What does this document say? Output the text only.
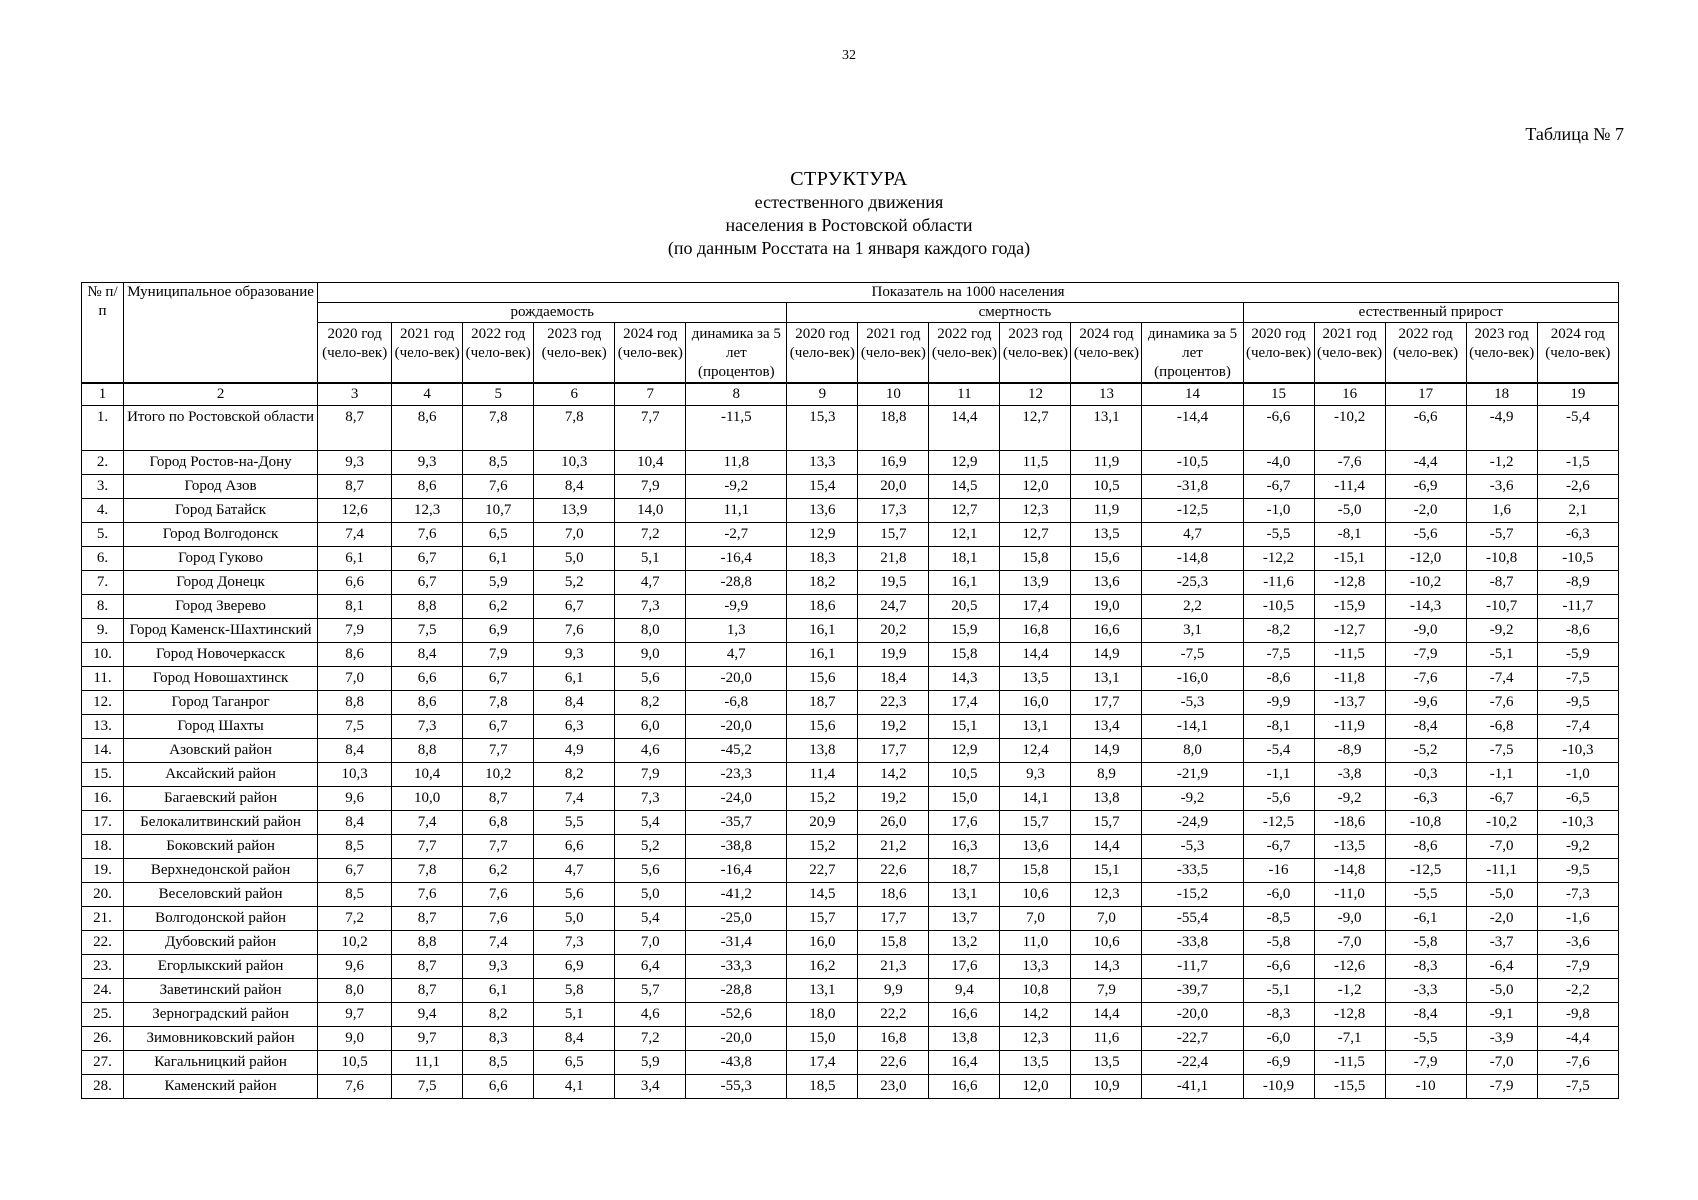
32
Таблица № 7
СТРУКТУРА
естественного движения
населения в Ростовской области
(по данным Росстата на 1 января каждого года)
№ п/п	Муниципальное образование	Показатель на 1000 населения																
		рождаемость						смертность						естественный прирост				
		2020 год (чело-век)	2021 год (чело-век)	2022 год (чело-век)	2023 год (чело-век)	2024 год (чело-век)	динамика за 5 лет (процентов)	2020 год (чело-век)	2021 год (чело-век)	2022 год (чело-век)	2023 год (чело-век)	2024 год (чело-век)	динамика за 5 лет (процентов)	2020 год (чело-век)	2021 год (чело-век)	2022 год (чело-век)	2023 год (чело-век)	2024 год (чело-век)
1	2	3	4	5	6	7	8	9	10	11	12	13	14	15	16	17	18	19
1.	Итого по Ростовской области	8,7	8,6	7,8	7,8	7,7	-11,5	15,3	18,8	14,4	12,7	13,1	-14,4	-6,6	-10,2	-6,6	-4,9	-5,4
2.	Город Ростов-на-Дону	9,3	9,3	8,5	10,3	10,4	11,8	13,3	16,9	12,9	11,5	11,9	-10,5	-4,0	-7,6	-4,4	-1,2	-1,5
3.	Город Азов	8,7	8,6	7,6	8,4	7,9	-9,2	15,4	20,0	14,5	12,0	10,5	-31,8	-6,7	-11,4	-6,9	-3,6	-2,6
4.	Город Батайск	12,6	12,3	10,7	13,9	14,0	11,1	13,6	17,3	12,7	12,3	11,9	-12,5	-1,0	-5,0	-2,0	1,6	2,1
5.	Город Волгодонск	7,4	7,6	6,5	7,0	7,2	-2,7	12,9	15,7	12,1	12,7	13,5	4,7	-5,5	-8,1	-5,6	-5,7	-6,3
6.	Город Гуково	6,1	6,7	6,1	5,0	5,1	-16,4	18,3	21,8	18,1	15,8	15,6	-14,8	-12,2	-15,1	-12,0	-10,8	-10,5
7.	Город Донецк	6,6	6,7	5,9	5,2	4,7	-28,8	18,2	19,5	16,1	13,9	13,6	-25,3	-11,6	-12,8	-10,2	-8,7	-8,9
8.	Город Зверево	8,1	8,8	6,2	6,7	7,3	-9,9	18,6	24,7	20,5	17,4	19,0	2,2	-10,5	-15,9	-14,3	-10,7	-11,7
9.	Город Каменск-Шахтинский	7,9	7,5	6,9	7,6	8,0	1,3	16,1	20,2	15,9	16,8	16,6	3,1	-8,2	-12,7	-9,0	-9,2	-8,6
10.	Город Новочеркасск	8,6	8,4	7,9	9,3	9,0	4,7	16,1	19,9	15,8	14,4	14,9	-7,5	-7,5	-11,5	-7,9	-5,1	-5,9
11.	Город Новошахтинск	7,0	6,6	6,7	6,1	5,6	-20,0	15,6	18,4	14,3	13,5	13,1	-16,0	-8,6	-11,8	-7,6	-7,4	-7,5
12.	Город Таганрог	8,8	8,6	7,8	8,4	8,2	-6,8	18,7	22,3	17,4	16,0	17,7	-5,3	-9,9	-13,7	-9,6	-7,6	-9,5
13.	Город Шахты	7,5	7,3	6,7	6,3	6,0	-20,0	15,6	19,2	15,1	13,1	13,4	-14,1	-8,1	-11,9	-8,4	-6,8	-7,4
14.	Азовский район	8,4	8,8	7,7	4,9	4,6	-45,2	13,8	17,7	12,9	12,4	14,9	8,0	-5,4	-8,9	-5,2	-7,5	-10,3
15.	Аксайский район	10,3	10,4	10,2	8,2	7,9	-23,3	11,4	14,2	10,5	9,3	8,9	-21,9	-1,1	-3,8	-0,3	-1,1	-1,0
16.	Багаевский район	9,6	10,0	8,7	7,4	7,3	-24,0	15,2	19,2	15,0	14,1	13,8	-9,2	-5,6	-9,2	-6,3	-6,7	-6,5
17.	Белокалитвинский район	8,4	7,4	6,8	5,5	5,4	-35,7	20,9	26,0	17,6	15,7	15,7	-24,9	-12,5	-18,6	-10,8	-10,2	-10,3
18.	Боковский район	8,5	7,7	7,7	6,6	5,2	-38,8	15,2	21,2	16,3	13,6	14,4	-5,3	-6,7	-13,5	-8,6	-7,0	-9,2
19.	Верхнедонской район	6,7	7,8	6,2	4,7	5,6	-16,4	22,7	22,6	18,7	15,8	15,1	-33,5	-16	-14,8	-12,5	-11,1	-9,5
20.	Веселовский район	8,5	7,6	7,6	5,6	5,0	-41,2	14,5	18,6	13,1	10,6	12,3	-15,2	-6,0	-11,0	-5,5	-5,0	-7,3
21.	Волгодонской район	7,2	8,7	7,6	5,0	5,4	-25,0	15,7	17,7	13,7	7,0	7,0	-55,4	-8,5	-9,0	-6,1	-2,0	-1,6
22.	Дубовский район	10,2	8,8	7,4	7,3	7,0	-31,4	16,0	15,8	13,2	11,0	10,6	-33,8	-5,8	-7,0	-5,8	-3,7	-3,6
23.	Егорлыкский район	9,6	8,7	9,3	6,9	6,4	-33,3	16,2	21,3	17,6	13,3	14,3	-11,7	-6,6	-12,6	-8,3	-6,4	-7,9
24.	Заветинский район	8,0	8,7	6,1	5,8	5,7	-28,8	13,1	9,9	9,4	10,8	7,9	-39,7	-5,1	-1,2	-3,3	-5,0	-2,2
25.	Зерноградский район	9,7	9,4	8,2	5,1	4,6	-52,6	18,0	22,2	16,6	14,2	14,4	-20,0	-8,3	-12,8	-8,4	-9,1	-9,8
26.	Зимовниковский район	9,0	9,7	8,3	8,4	7,2	-20,0	15,0	16,8	13,8	12,3	11,6	-22,7	-6,0	-7,1	-5,5	-3,9	-4,4
27.	Кагальницкий район	10,5	11,1	8,5	6,5	5,9	-43,8	17,4	22,6	16,4	13,5	13,5	-22,4	-6,9	-11,5	-7,9	-7,0	-7,6
28.	Каменский район	7,6	7,5	6,6	4,1	3,4	-55,3	18,5	23,0	16,6	12,0	10,9	-41,1	-10,9	-15,5	-10	-7,9	-7,5
